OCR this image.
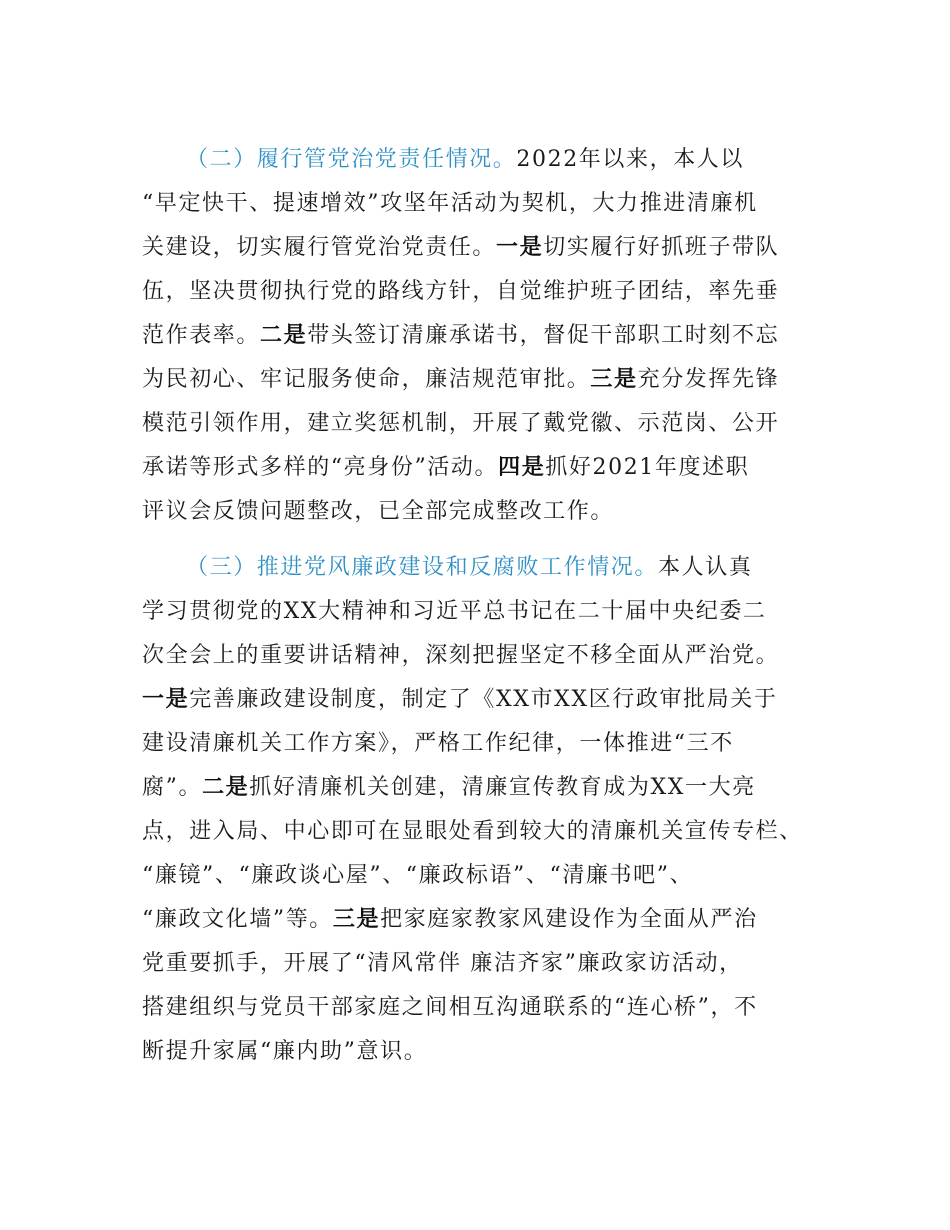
（二）履行管党治党责任情况。2022年以来，本人以
“早定快干、提速增效”攻坚年活动为契机，大力推进清廉机
关建设，切实履行管党治党责任。一是切实履行好抓班子带队
伍，坚决贯彻执行党的路线方针，自觉维护班子团结，率先垂
范作表率。二是带头签订清廉承诺书，督促干部职工时刻不忘
为民初心、牢记服务使命，廉洁规范审批。三是充分发挥先锋
模范引领作用，建立奖惩机制，开展了戴党徽、示范岗、公开
承诺等形式多样的“亮身份”活动。四是抓好2021年度述职
评议会反馈问题整改，已全部完成整改工作。
（三）推进党风廉政建设和反腐败工作情况。本人认真
学习贯彻党的XX大精神和习近平总书记在二十届中央纪委二
次全会上的重要讲话精神，深刻把握坚定不移全面从严治党。
一是完善廉政建设制度，制定了《XX市XX区行政审批局关于
建设清廉机关工作方案》，严格工作纪律，一体推进“三不
腐”。二是抓好清廉机关创建，清廉宣传教育成为XX一大亮
点，进入局、中心即可在显眼处看到较大的清廉机关宣传专栏、
“廉镜”、“廉政谈心屋”、“廉政标语”、“清廉书吧”、
“廉政文化墙”等。三是把家庭家教家风建设作为全面从严治
党重要抓手，开展了“清风常伴 廉洁齐家”廉政家访活动，
搭建组织与党员干部家庭之间相互沟通联系的“连心桥”，不
断提升家属“廉内助”意识。
